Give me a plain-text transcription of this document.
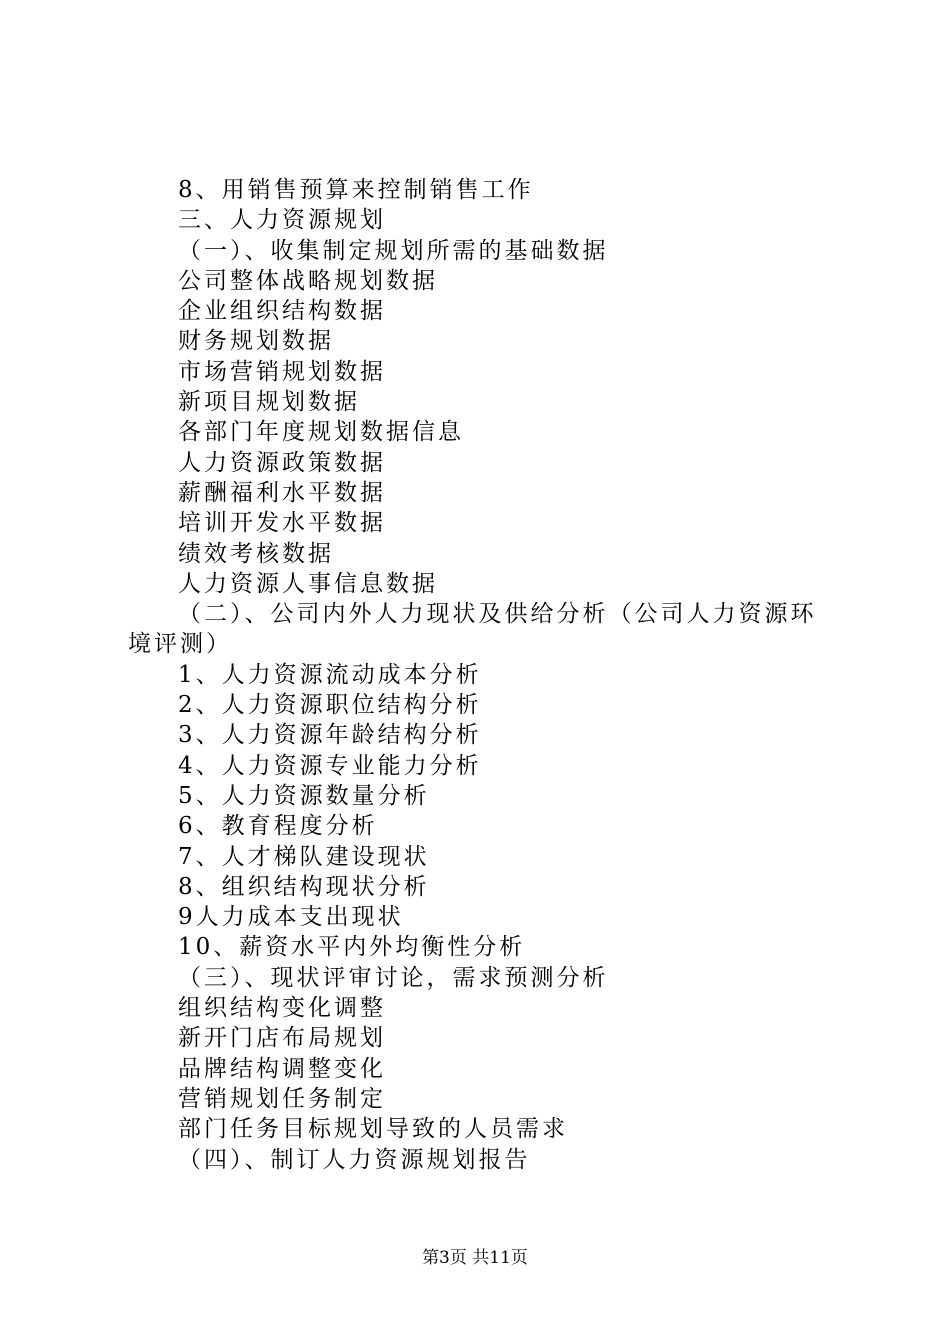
8、用销售预算来控制销售工作
三、人力资源规划
（一）、收集制定规划所需的基础数据
公司整体战略规划数据
企业组织结构数据
财务规划数据
市场营销规划数据
新项目规划数据
各部门年度规划数据信息
人力资源政策数据
薪酬福利水平数据
培训开发水平数据
绩效考核数据
人力资源人事信息数据
（二）、公司内外人力现状及供给分析（公司人力资源环
境评测）
1、人力资源流动成本分析
2、人力资源职位结构分析
3、人力资源年龄结构分析
4、人力资源专业能力分析
5、人力资源数量分析
6、教育程度分析
7、人才梯队建设现状
8、组织结构现状分析
9人力成本支出现状
10、薪资水平内外均衡性分析
（三）、现状评审讨论，需求预测分析
组织结构变化调整
新开门店布局规划
品牌结构调整变化
营销规划任务制定
部门任务目标规划导致的人员需求
（四）、制订人力资源规划报告
第3页 共11页
